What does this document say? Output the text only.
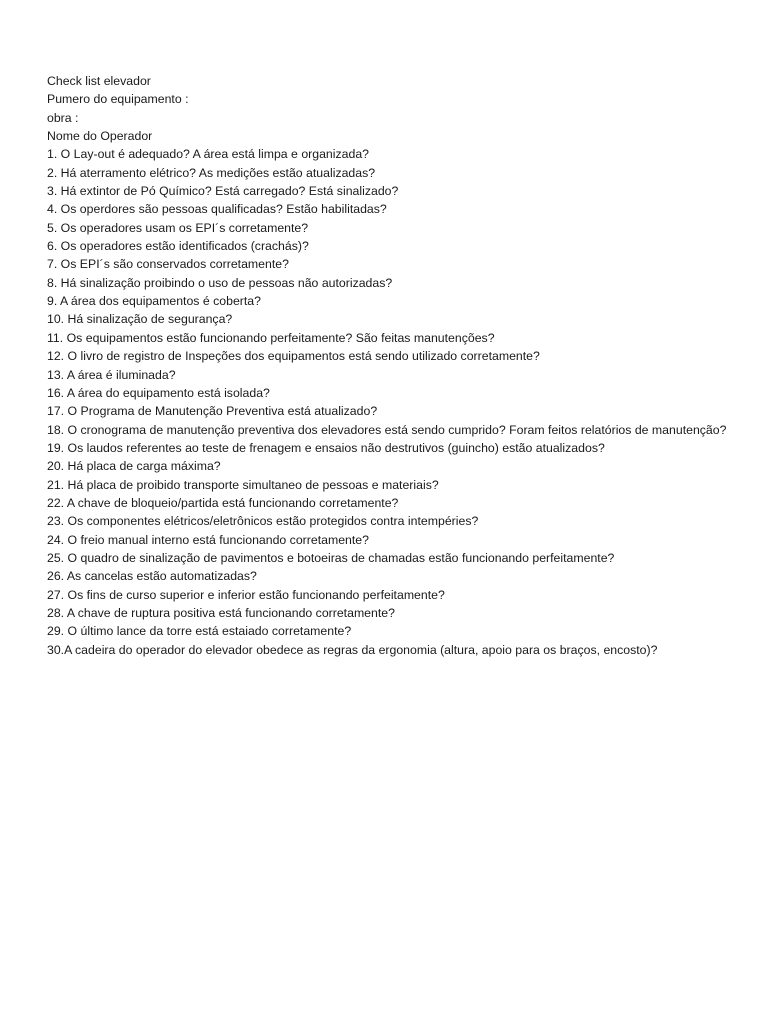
Check list elevador
Pumero do equipamento :
obra :
Nome do Operador
1. O Lay-out é adequado? A área está limpa e organizada?
2. Há aterramento elétrico? As medições estão atualizadas?
3. Há extintor de Pó Químico? Está carregado? Está sinalizado?
4. Os operdores são pessoas qualificadas? Estão habilitadas?
5. Os operadores usam os EPI´s corretamente?
6. Os operadores estão identificados (crachás)?
7. Os EPI´s são conservados corretamente?
8. Há sinalização proibindo o uso de pessoas não autorizadas?
9. A área dos equipamentos é coberta?
10. Há sinalização de segurança?
11. Os equipamentos estão funcionando perfeitamente? São feitas manutenções?
12. O livro de registro de Inspeções dos equipamentos está sendo utilizado corretamente?
13. A área é iluminada?
16. A área do equipamento está isolada?
17. O Programa de Manutenção Preventiva está atualizado?
18. O cronograma de manutenção preventiva dos elevadores está sendo cumprido? Foram feitos relatórios de manutenção?
19. Os laudos referentes ao teste de frenagem e ensaios não destrutivos (guincho) estão atualizados?
20. Há placa de carga máxima?
21. Há placa de proibido transporte simultaneo de pessoas e materiais?
22. A chave de bloqueio/partida está funcionando corretamente?
23. Os componentes elétricos/eletrônicos estão protegidos contra intempéries?
24. O freio manual interno está funcionando corretamente?
25. O quadro de sinalização de pavimentos e botoeiras de chamadas estão funcionando perfeitamente?
26. As cancelas estão automatizadas?
27. Os fins de curso superior e inferior estão funcionando perfeitamente?
28. A chave de ruptura positiva está funcionando corretamente?
29. O último lance da torre está estaiado corretamente?
30.A cadeira do operador do elevador obedece as regras da ergonomia (altura, apoio para os braços, encosto)?
